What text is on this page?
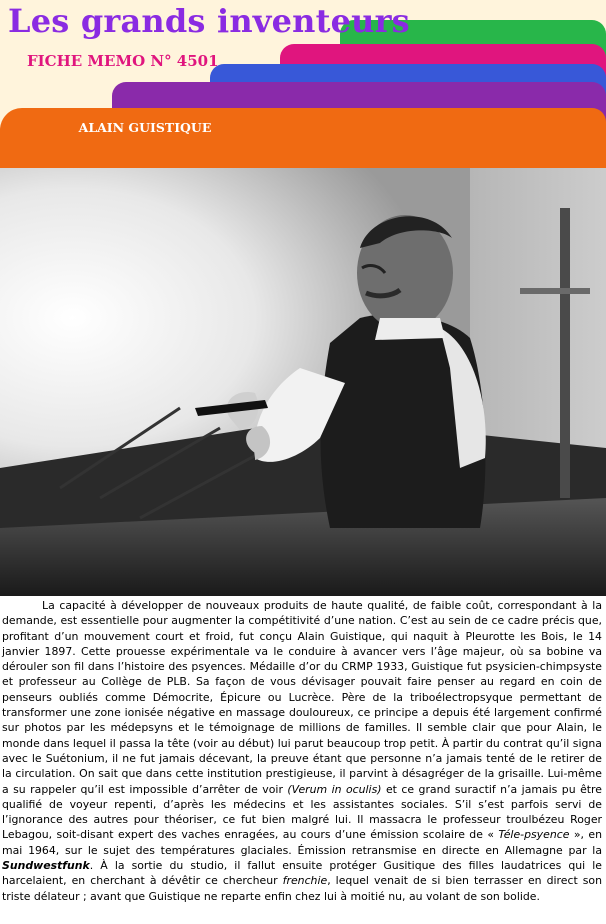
Les grands inventeurs
FICHE MEMO N° 4501
ALAIN GUISTIQUE

La capacité à développer de nouveaux produits de haute qualité, de faible coût, correspondant à la demande, est essentielle pour augmenter la compétitivité d’une nation. C’est au sein de ce cadre précis que, profitant d’un mouvement court et froid, fut conçu Alain Guistique, qui naquit à Pleurotte les Bois, le 14 janvier 1897. Cette prouesse expérimentale va le conduire à avancer vers l’âge majeur, où sa bobine va dérouler son fil dans l’histoire des psyences. Médaille d’or du CRMP 1933, Guistique fut psysicien-chimpsyste et professeur au Collège de PLB. Sa façon de vous dévisager pouvait faire penser au regard en coin de penseurs oubliés comme Démocrite, Épicure ou Lucrèce. Père de la triboélectropsyque permettant de transformer une zone ionisée négative en massage douloureux, ce principe a depuis été largement confirmé sur photos par les médepsyns et le témoignage de millions de familles. Il semble clair que pour Alain, le monde dans lequel il passa la tête (voir au début) lui parut beaucoup trop petit. À partir du contrat qu’il signa avec le Suétonium, il ne fut jamais décevant, la preuve étant que personne n’a jamais tenté de le retirer de la circulation. On sait que dans cette institution prestigieuse, il parvint à désagréger de la grisaille. Lui-même a su rappeler qu’il est impossible d’arrêter de voir (Verum in oculis) et ce grand suractif n’a jamais pu être qualifié de voyeur repenti, d’après les médecins et les assistantes sociales. S’il s’est parfois servi de l’ignorance des autres pour théoriser, ce fut bien malgré lui. Il massacra le professeur troulbézeu Roger Lebagou, soit-disant expert des vaches enragées, au cours d’une émission scolaire de « Téle-psyence », en mai 1964, sur le sujet des températures glaciales. Émission retransmise en directe en Allemagne par la Sundwestfunk. À la sortie du studio, il fallut ensuite protéger Gusitique des filles laudatrices qui le harcelaient, en cherchant à dévêtir ce chercheur frenchie, lequel venait de si bien terrasser en direct son triste délateur ; avant que Guistique ne reparte enfin chez lui à moitié nu, au volant de son bolide.
